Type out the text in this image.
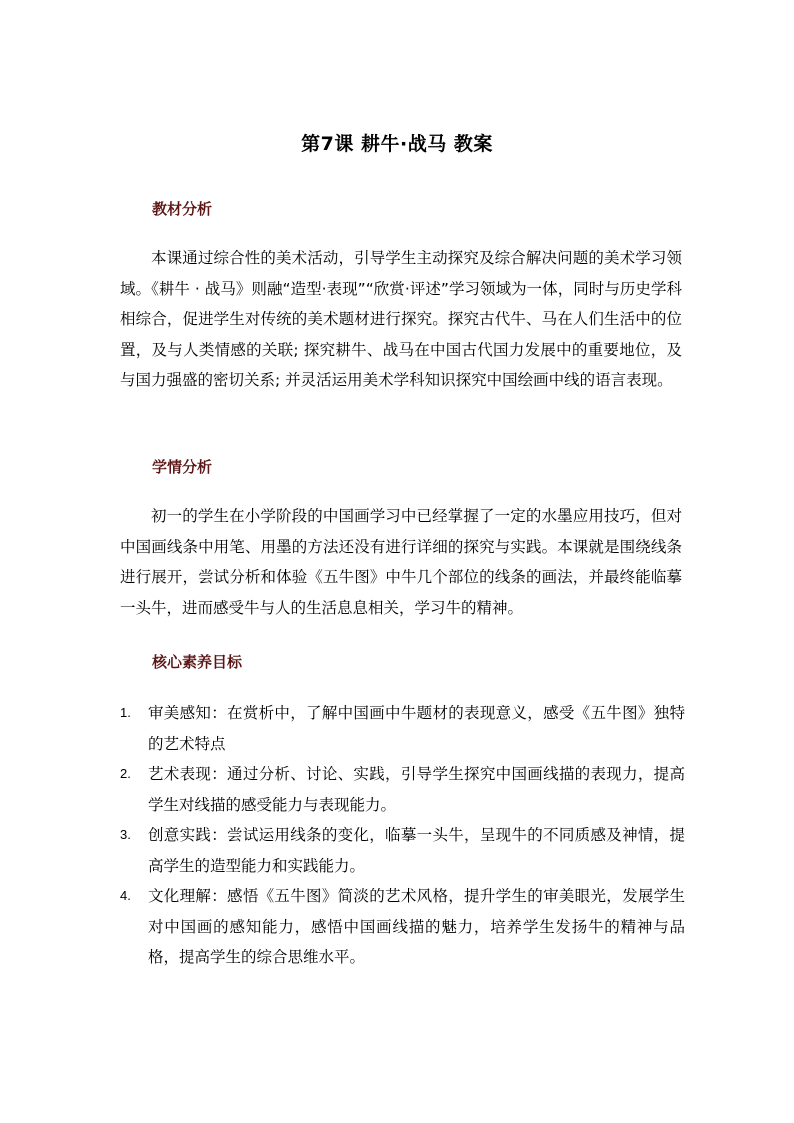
第7课 耕牛·战马 教案
教材分析

本课通过综合性的美术活动，引导学生主动探究及综合解决问题的美术学习领域。《耕牛 · 战马》则融“造型·表现”“欣赏·评述”学习领域为一体，同时与历史学科相综合，促进学生对传统的美术题材进行探究。探究古代牛、马在人们生活中的位置，及与人类情感的关联; 探究耕牛、战马在中国古代国力发展中的重要地位，及与国力强盛的密切关系; 并灵活运用美术学科知识探究中国绘画中线的语言表现。

学情分析

初一的学生在小学阶段的中国画学习中已经掌握了一定的水墨应用技巧，但对中国画线条中用笔、用墨的方法还没有进行详细的探究与实践。本课就是围绕线条进行展开，尝试分析和体验《五牛图》中牛几个部位的线条的画法，并最终能临摹一头牛，进而感受牛与人的生活息息相关，学习牛的精神。

核心素养目标
1. 审美感知：在赏析中，了解中国画中牛题材的表现意义，感受《五牛图》独特的艺术特点
2. 艺术表现：通过分析、讨论、实践，引导学生探究中国画线描的表现力，提高学生对线描的感受能力与表现能力。
3. 创意实践：尝试运用线条的变化，临摹一头牛，呈现牛的不同质感及神情，提高学生的造型能力和实践能力。
4. 文化理解：感悟《五牛图》简淡的艺术风格，提升学生的审美眼光，发展学生对中国画的感知能力，感悟中国画线描的魅力，培养学生发扬牛的精神与品格，提高学生的综合思维水平。
